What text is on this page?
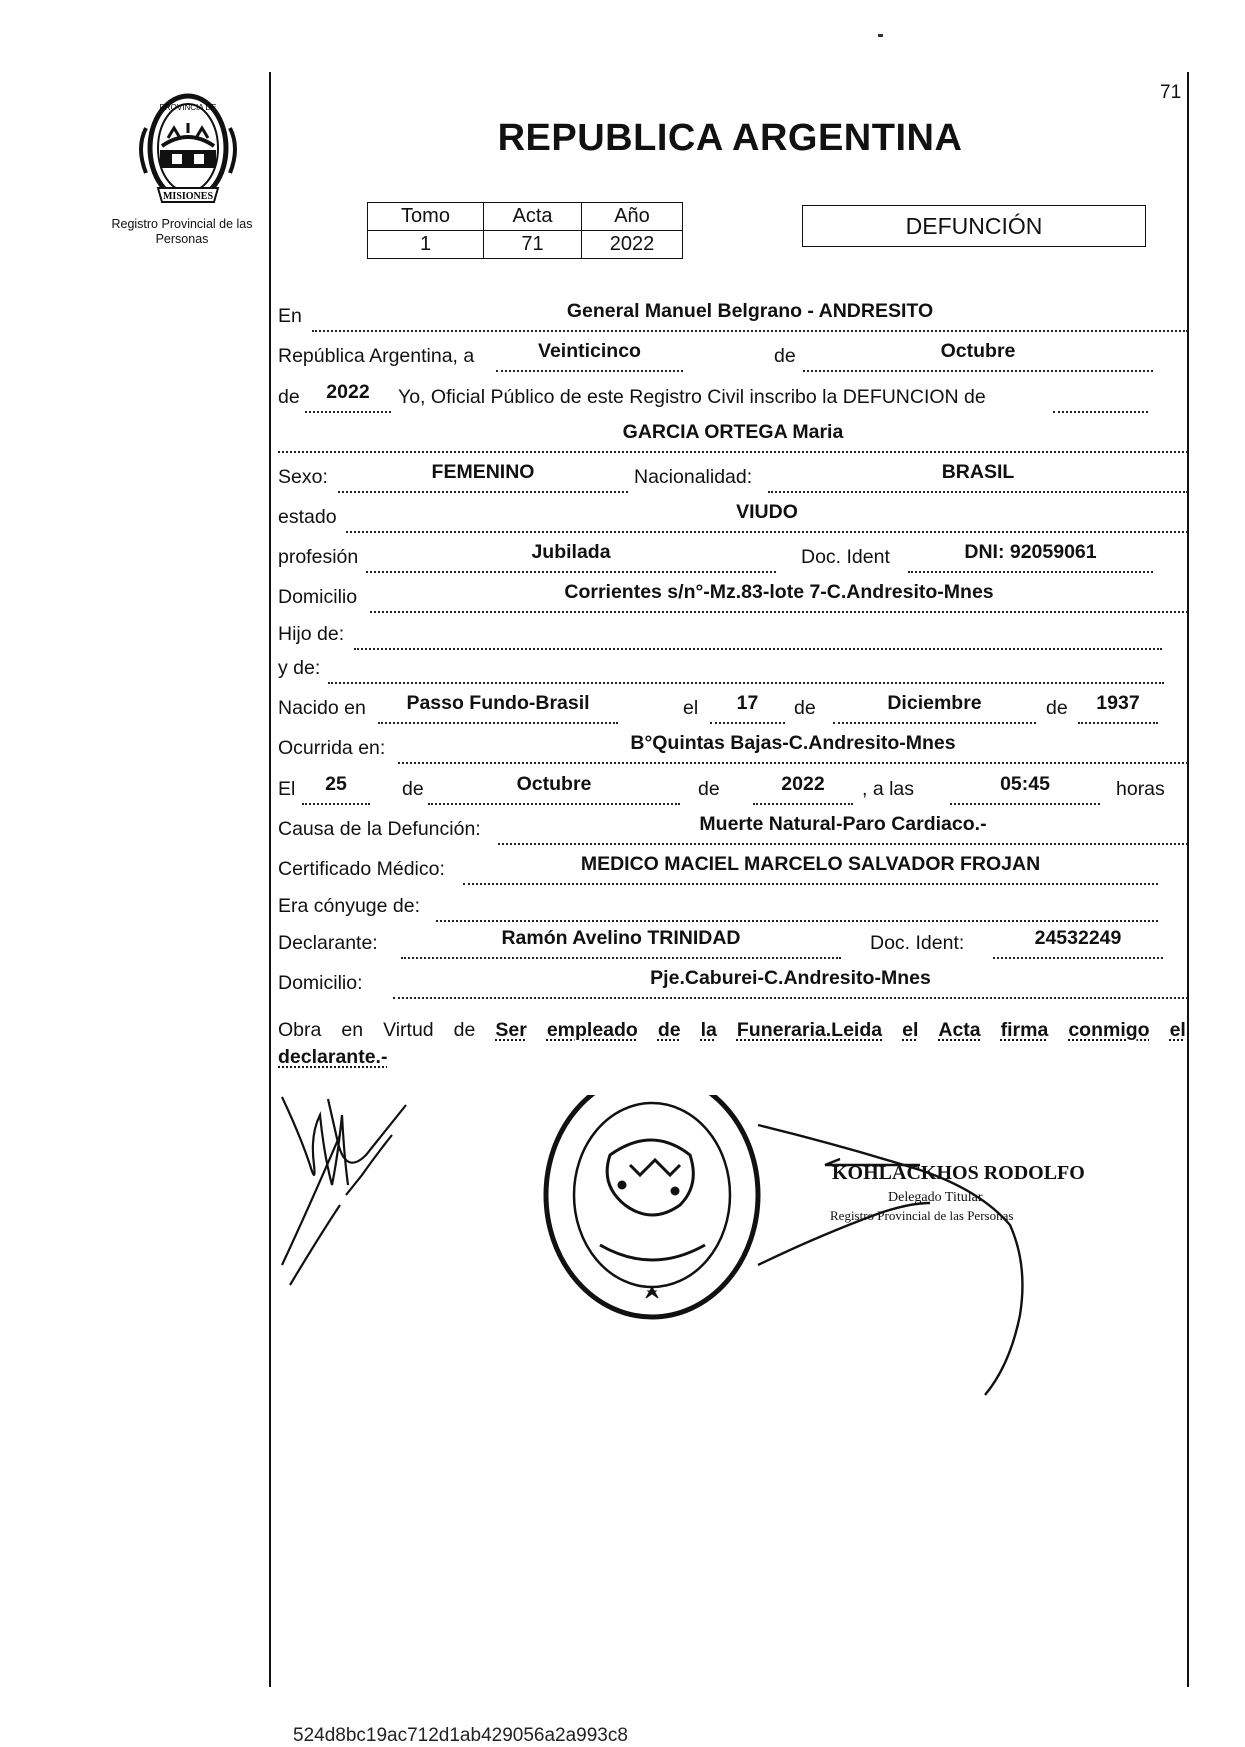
71
MISIONES
PROVINCIA DE
Registro Provincial de las Personas
REPUBLICA ARGENTINA
Tomo	Acta	Año
1	71	2022
DEFUNCIÓN
En	General Manuel Belgrano - ANDRESITO
República Argentina, a	Veinticinco	de	Octubre
de	2022	Yo, Oficial Público de este Registro Civil inscribo la DEFUNCION de
GARCIA ORTEGA Maria
Sexo:	FEMENINO	Nacionalidad:	BRASIL
estado	VIUDO
profesión	Jubilada	Doc. Ident	DNI: 92059061
Domicilio	Corrientes s/n°-Mz.83-lote 7-C.Andresito-Mnes
Hijo de:
y de:
Nacido en	Passo Fundo-Brasil	el	17	de	Diciembre	de	1937
Ocurrida en:	B°Quintas Bajas-C.Andresito-Mnes
El	25	de	Octubre	de	2022	, a las	05:45	horas
Causa de la Defunción:	Muerte Natural-Paro Cardiaco.-
Certificado Médico:	MEDICO MACIEL MARCELO SALVADOR FROJAN
Era cónyuge de:
Declarante:	Ramón Avelino TRINIDAD	Doc. Ident:	24532249
Domicilio:	Pje.Caburei-C.Andresito-Mnes
Obra en Virtud de Ser empleado de la Funeraria.Leida el Acta firma conmigo el
declarante.-
KOHLACKHOS RODOLFO
Delegado Titular
Registro Provincial de las Personas
524d8bc19ac712d1ab429056a2a993c8
